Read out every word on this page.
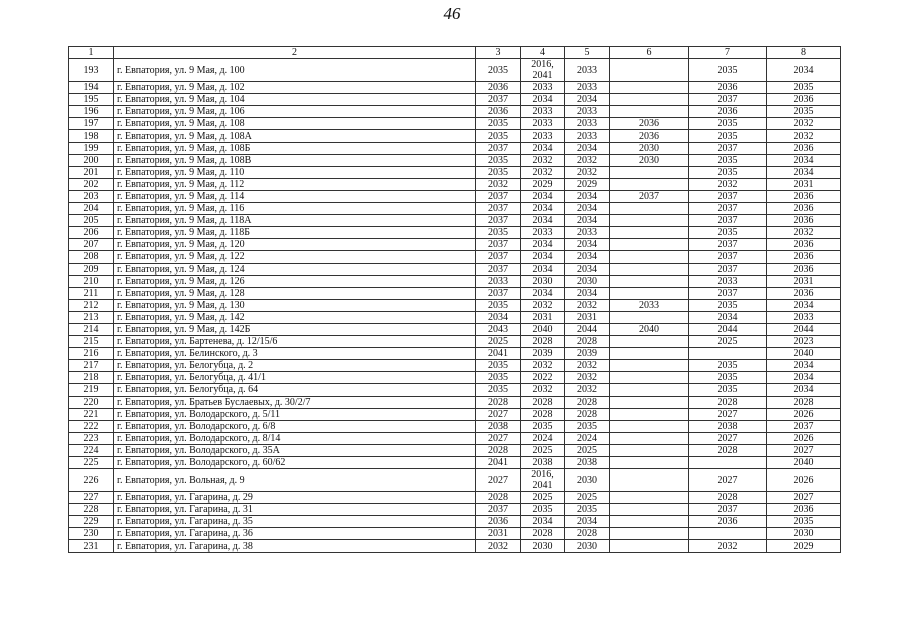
46
1	2	3	4	5	6	7	8
193	г. Евпатория, ул. 9 Мая, д. 100	2035	2016, 2041	2033		2035	2034
194	г. Евпатория, ул. 9 Мая, д. 102	2036	2033	2033		2036	2035
195	г. Евпатория, ул. 9 Мая, д. 104	2037	2034	2034		2037	2036
196	г. Евпатория, ул. 9 Мая, д. 106	2036	2033	2033		2036	2035
197	г. Евпатория, ул. 9 Мая, д. 108	2035	2033	2033	2036	2035	2032
198	г. Евпатория, ул. 9 Мая, д. 108А	2035	2033	2033	2036	2035	2032
199	г. Евпатория, ул. 9 Мая, д. 108Б	2037	2034	2034	2030	2037	2036
200	г. Евпатория, ул. 9 Мая, д. 108В	2035	2032	2032	2030	2035	2034
201	г. Евпатория, ул. 9 Мая, д. 110	2035	2032	2032		2035	2034
202	г. Евпатория, ул. 9 Мая, д. 112	2032	2029	2029		2032	2031
203	г. Евпатория, ул. 9 Мая, д. 114	2037	2034	2034	2037	2037	2036
204	г. Евпатория, ул. 9 Мая, д. 116	2037	2034	2034		2037	2036
205	г. Евпатория, ул. 9 Мая, д. 118А	2037	2034	2034		2037	2036
206	г. Евпатория, ул. 9 Мая, д. 118Б	2035	2033	2033		2035	2032
207	г. Евпатория, ул. 9 Мая, д. 120	2037	2034	2034		2037	2036
208	г. Евпатория, ул. 9 Мая, д. 122	2037	2034	2034		2037	2036
209	г. Евпатория, ул. 9 Мая, д. 124	2037	2034	2034		2037	2036
210	г. Евпатория, ул. 9 Мая, д. 126	2033	2030	2030		2033	2031
211	г. Евпатория, ул. 9 Мая, д. 128	2037	2034	2034		2037	2036
212	г. Евпатория, ул. 9 Мая, д. 130	2035	2032	2032	2033	2035	2034
213	г. Евпатория, ул. 9 Мая, д. 142	2034	2031	2031		2034	2033
214	г. Евпатория, ул. 9 Мая, д. 142Б	2043	2040	2044	2040	2044	2044
215	г. Евпатория, ул. Бартенева, д. 12/15/6	2025	2028	2028		2025	2023
216	г. Евпатория, ул. Белинского, д. 3	2041	2039	2039			2040
217	г. Евпатория, ул. Белогубца, д. 2	2035	2032	2032		2035	2034
218	г. Евпатория, ул. Белогубца, д. 41/1	2035	2022	2032		2035	2034
219	г. Евпатория, ул. Белогубца, д. 64	2035	2032	2032		2035	2034
220	г. Евпатория, ул. Братьев Буслаевых, д. 30/2/7	2028	2028	2028		2028	2028
221	г. Евпатория, ул. Володарского, д. 5/11	2027	2028	2028		2027	2026
222	г. Евпатория, ул. Володарского, д. 6/8	2038	2035	2035		2038	2037
223	г. Евпатория, ул. Володарского, д. 8/14	2027	2024	2024		2027	2026
224	г. Евпатория, ул. Володарского, д. 35А	2028	2025	2025		2028	2027
225	г. Евпатория, ул. Володарского, д. 60/62	2041	2038	2038			2040
226	г. Евпатория, ул. Вольная, д. 9	2027	2016, 2041	2030		2027	2026
227	г. Евпатория, ул. Гагарина, д. 29	2028	2025	2025		2028	2027
228	г. Евпатория, ул. Гагарина, д. 31	2037	2035	2035		2037	2036
229	г. Евпатория, ул. Гагарина, д. 35	2036	2034	2034		2036	2035
230	г. Евпатория, ул. Гагарина, д. 36	2031	2028	2028			2030
231	г. Евпатория, ул. Гагарина, д. 38	2032	2030	2030		2032	2029
